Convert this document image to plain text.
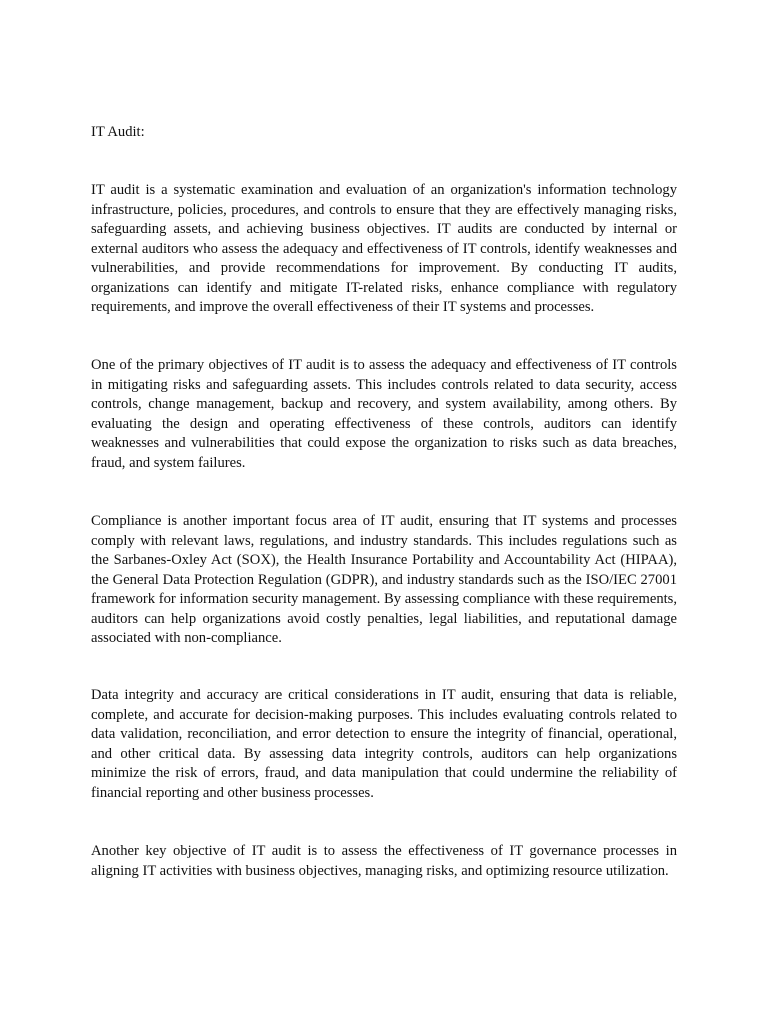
IT Audit:

IT audit is a systematic examination and evaluation of an organization's information technology infrastructure, policies, procedures, and controls to ensure that they are effectively managing risks, safeguarding assets, and achieving business objectives. IT audits are conducted by internal or external auditors who assess the adequacy and effectiveness of IT controls, identify weaknesses and vulnerabilities, and provide recommendations for improvement. By conducting IT audits, organizations can identify and mitigate IT-related risks, enhance compliance with regulatory requirements, and improve the overall effectiveness of their IT systems and processes.

One of the primary objectives of IT audit is to assess the adequacy and effectiveness of IT controls in mitigating risks and safeguarding assets. This includes controls related to data security, access controls, change management, backup and recovery, and system availability, among others. By evaluating the design and operating effectiveness of these controls, auditors can identify weaknesses and vulnerabilities that could expose the organization to risks such as data breaches, fraud, and system failures.

Compliance is another important focus area of IT audit, ensuring that IT systems and processes comply with relevant laws, regulations, and industry standards. This includes regulations such as the Sarbanes-Oxley Act (SOX), the Health Insurance Portability and Accountability Act (HIPAA), the General Data Protection Regulation (GDPR), and industry standards such as the ISO/IEC 27001 framework for information security management. By assessing compliance with these requirements, auditors can help organizations avoid costly penalties, legal liabilities, and reputational damage associated with non-compliance.

Data integrity and accuracy are critical considerations in IT audit, ensuring that data is reliable, complete, and accurate for decision-making purposes. This includes evaluating controls related to data validation, reconciliation, and error detection to ensure the integrity of financial, operational, and other critical data. By assessing data integrity controls, auditors can help organizations minimize the risk of errors, fraud, and data manipulation that could undermine the reliability of financial reporting and other business processes.

Another key objective of IT audit is to assess the effectiveness of IT governance processes in aligning IT activities with business objectives, managing risks, and optimizing resource utilization.
